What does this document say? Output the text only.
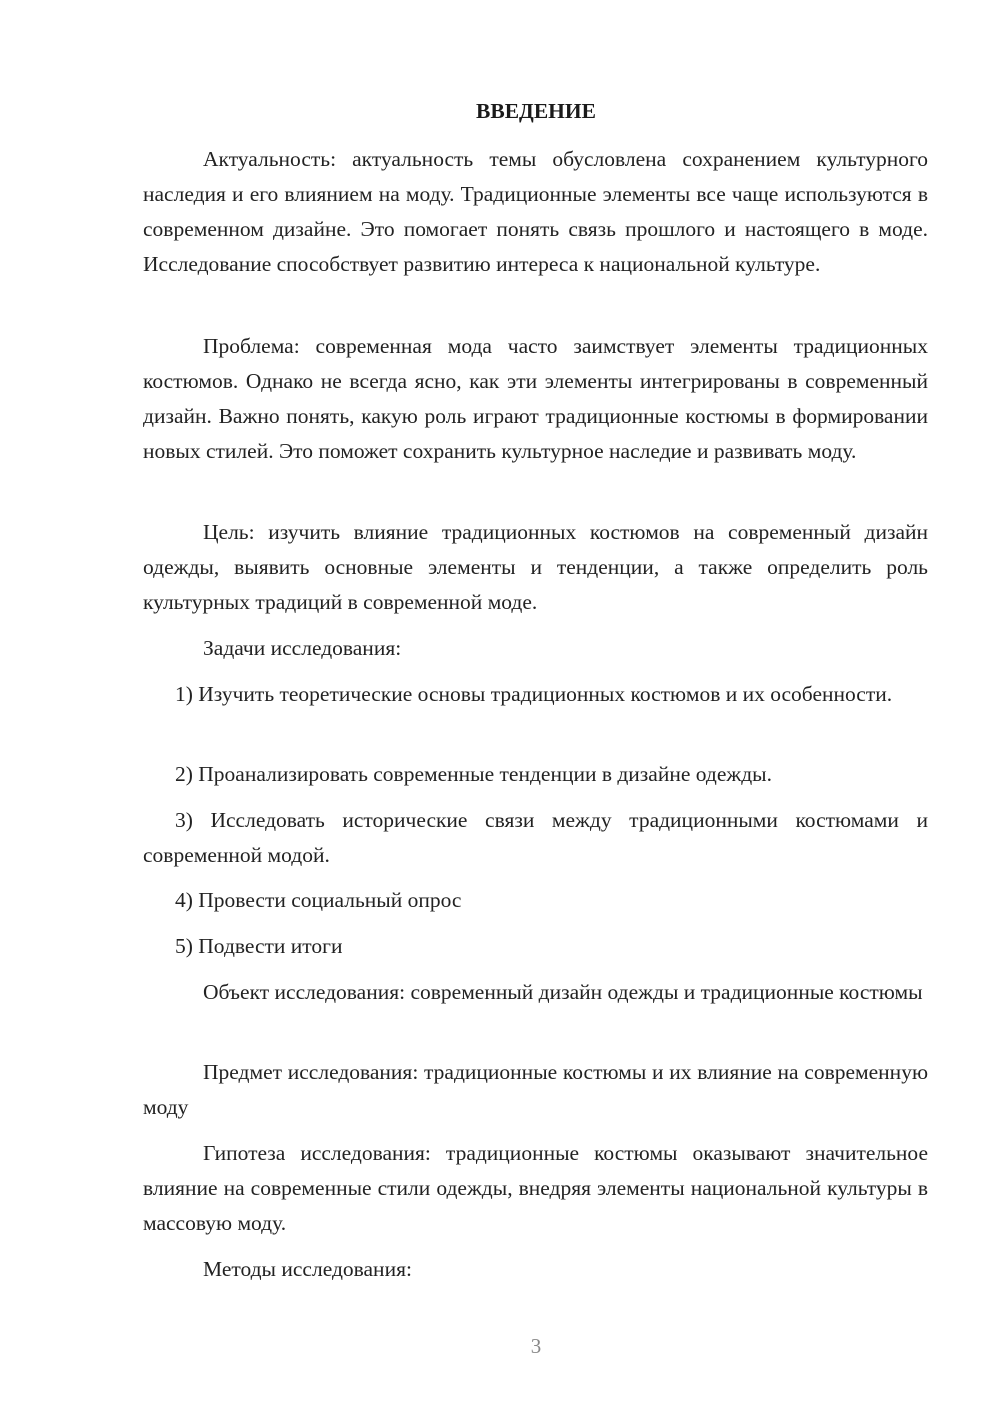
ВВЕДЕНИЕ
Актуальность: актуальность темы обусловлена сохранением культурного наследия и его влиянием на моду. Традиционные элементы все чаще используются в современном дизайне. Это помогает понять связь прошлого и настоящего в моде. Исследование способствует развитию интереса к национальной культуре.
Проблема: современная мода часто заимствует элементы традиционных костюмов. Однако не всегда ясно, как эти элементы интегрированы в современный дизайн. Важно понять, какую роль играют традиционные костюмы в формировании новых стилей. Это поможет сохранить культурное наследие и развивать моду.
Цель: изучить влияние традиционных костюмов на современный дизайн одежды, выявить основные элементы и тенденции, а также определить роль культурных традиций в современной моде.
Задачи исследования:
1) Изучить теоретические основы традиционных костюмов и их особенности.
2) Проанализировать современные тенденции в дизайне одежды.
3) Исследовать исторические связи между традиционными костюмами и современной модой.
4) Провести социальный опрос
5) Подвести итоги
Объект исследования: современный дизайн одежды и традиционные костюмы
Предмет исследования: традиционные костюмы и их влияние на современную моду
Гипотеза исследования: традиционные костюмы оказывают значительное влияние на современные стили одежды, внедряя элементы национальной культуры в массовую моду.
Методы исследования:
3
